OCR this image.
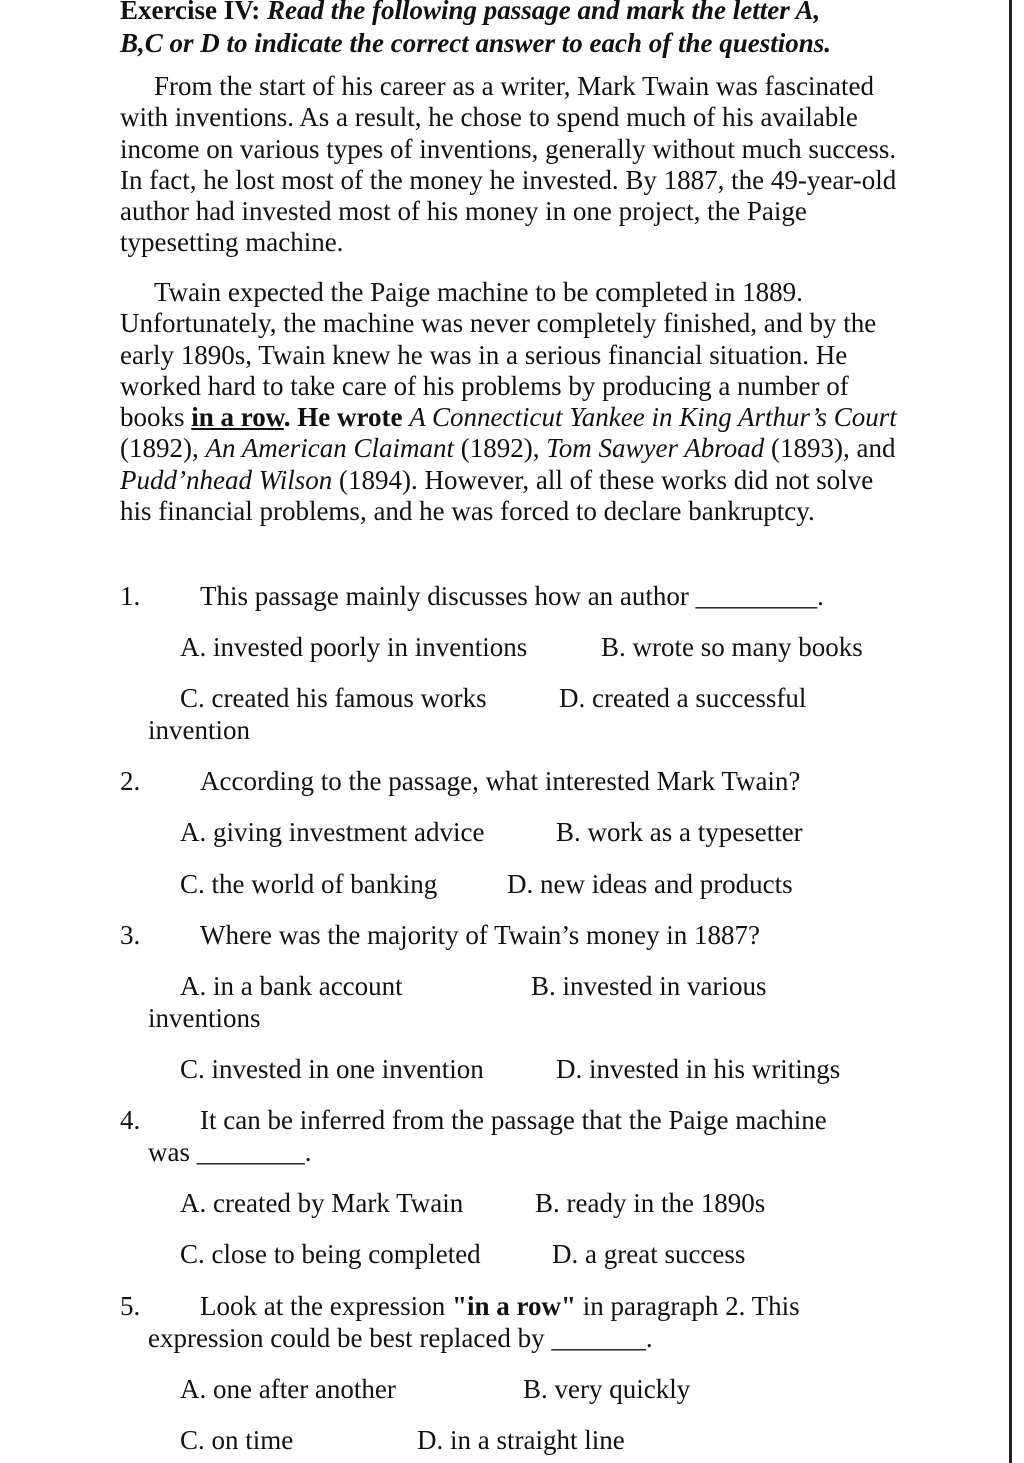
Exercise IV: Read the following passage and mark the letter A,
B,C or D to indicate the correct answer to each of the questions.
From the start of his career as a writer, Mark Twain was fascinated with inventions. As a result, he chose to spend much of his available income on various types of inventions, generally without much success. In fact, he lost most of the money he invested. By 1887, the 49-year-old author had invested most of his money in one project, the Paige typesetting machine.
Twain expected the Paige machine to be completed in 1889. Unfortunately, the machine was never completely finished, and by the early 1890s, Twain knew he was in a serious financial situation. He worked hard to take care of his problems by producing a number of books in a row. He wrote A Connecticut Yankee in King Arthur’s Court (1892), An American Claimant (1892), Tom Sawyer Abroad (1893), and Pudd’nhead Wilson (1894). However, all of these works did not solve his financial problems, and he was forced to declare bankruptcy.
1. This passage mainly discusses how an author _________.
A. invested poorly in inventions	B. wrote so many books
C. created his famous works	D. created a successful
invention
2. According to the passage, what interested Mark Twain?
A. giving investment advice	B. work as a typesetter
C. the world of banking	D. new ideas and products
3. Where was the majority of Twain’s money in 1887?
A. in a bank account	B. invested in various
inventions
C. invested in one invention	D. invested in his writings
4. It can be inferred from the passage that the Paige machine
was ________.
A. created by Mark Twain	B. ready in the 1890s
C. close to being completed	D. a great success
5. Look at the expression "in a row" in paragraph 2. This
expression could be best replaced by _______.
A. one after another	B. very quickly
C. on time	D. in a straight line
